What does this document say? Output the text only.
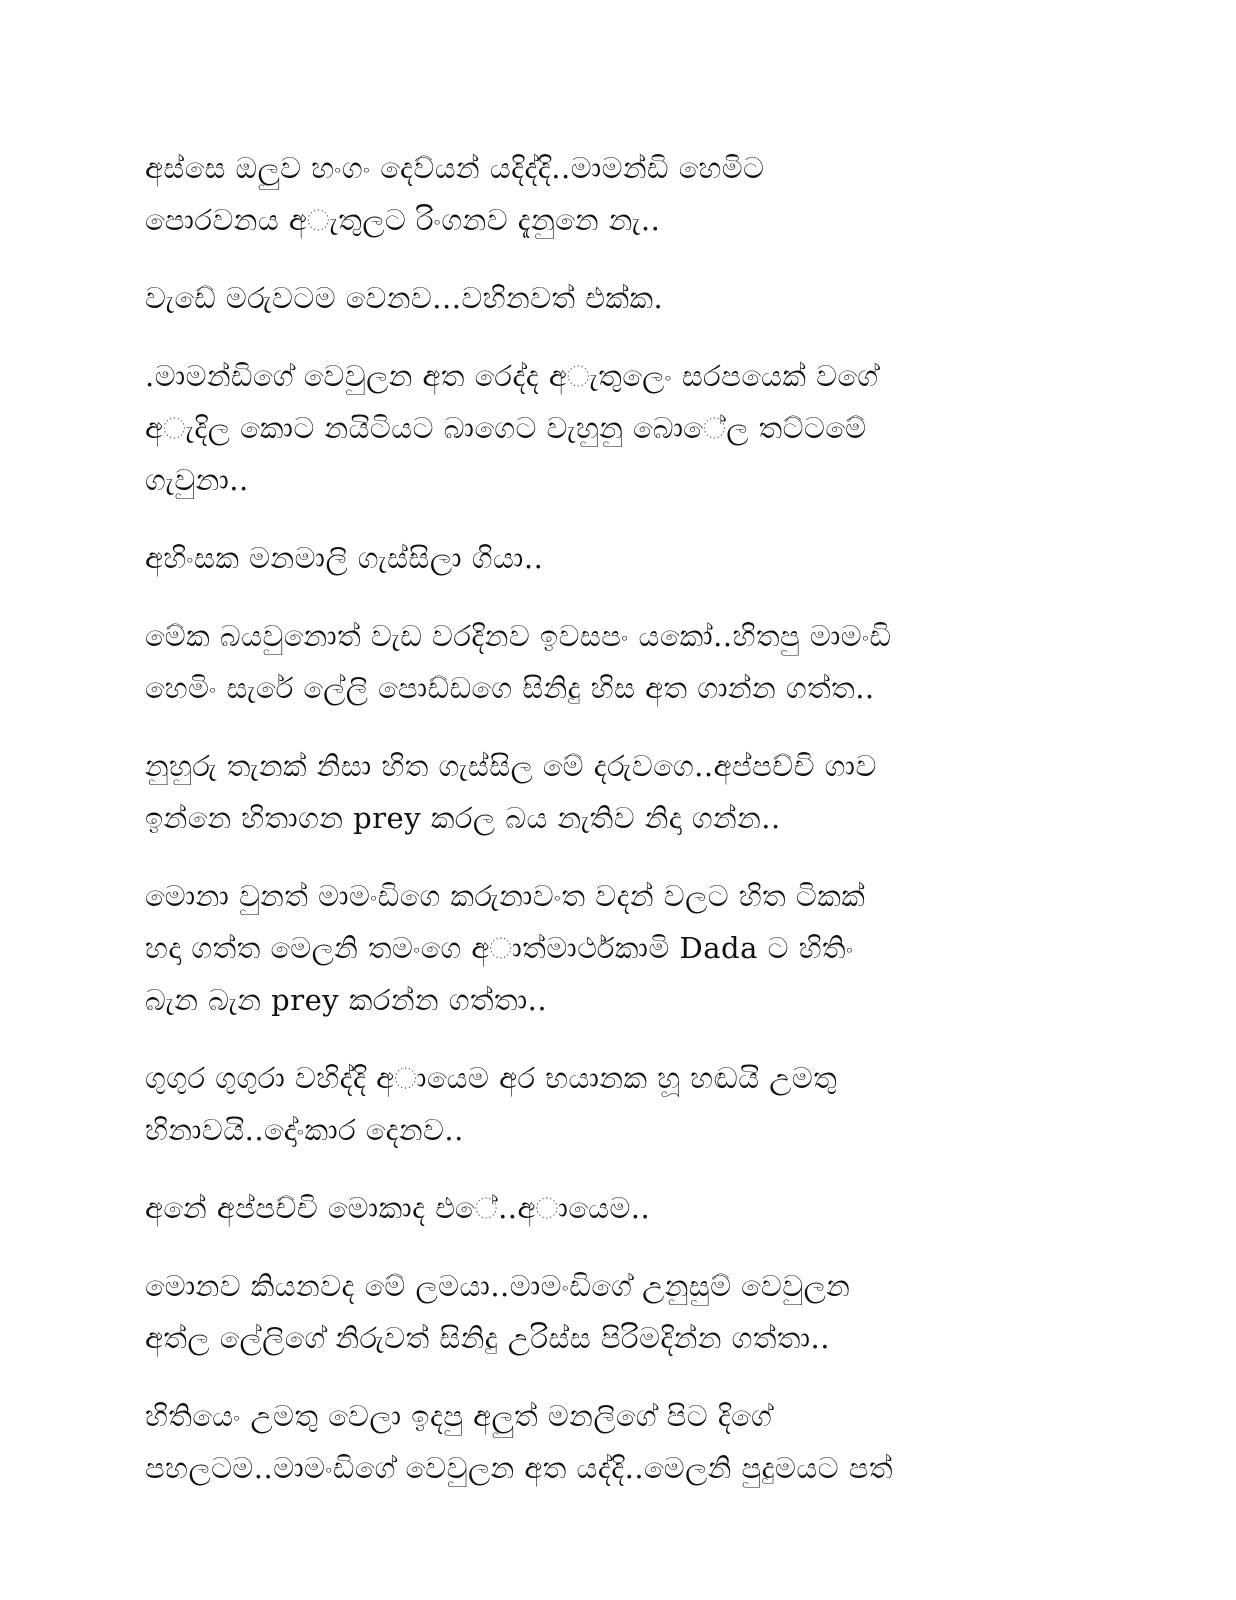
අස්සෙ ඔලුව හංගං දෙව්යන් යදිද්දි..මාමන්ඩි හෙමිට
පොරවනය අැතුලට රිංගනව දැනුනෙ නැ..

වැඩේ මරුවටම වෙනව...වහිනවත් එක්ක.

.මාමන්ඩිගේ වෙවුලන අත රෙද්ද අැතුලෙං සරපයෙක් වගේ
අැදිල කොට නයිටියට බාගෙට වැහුනු බොේල තට්ටමේ
ගැවුනා..

අහිංසක මනමාලි ගැස්සිලා ගියා..

මේක බයවුනොත් වැඩ වරදිනව ඉවසපං යකෝ..හිතපු මාමංඩි
හෙමිං සැරේ ලේලි පොඩ්ඩගෙ සිනිදු හිස අත ගාන්න ගත්ත..

නුහුරු තැනක් නිසා හිත ගැස්සිල මේ දරුවගෙ..අප්පච්චි ගාව
ඉන්නෙ හිතාගන prey කරල බය නැතිව නිදා ගන්න..

මොනා වුනත් මාමංඩිගෙ කරුනාවංත වදන් වලට හිත ටිකක්
හදා ගත්ත මෙලනි තමංගෙ අාත්මාර්ථකාමි Dada ට හිතිං
බැන බැන prey කරන්න ගත්තා..

ගුගුර ගුගුරා වහිද්දි අායෙම අර භයානක හූ හඬයි උමතු
හිනාවයි..දෝංකාර දෙනව..

අනේ අප්පච්චි මොකාද එේ..අායෙම..

මොනව කියනවද මේ ලමයා..මාමංඩිගේ උනුසුම් වෙවුලන
අත්ල ලේලිගේ නිරුවත් සිනිදු උරිස්ස පිරිමදින්න ගත්තා..

හිතියෙං උමතු වෙලා ඉදපු අලුත් මනලිගේ පිට දිගේ
පහලටම..මාමංඩිගේ වෙවුලන අත යද්දි..මෙලනි පුදුමයට පත්
